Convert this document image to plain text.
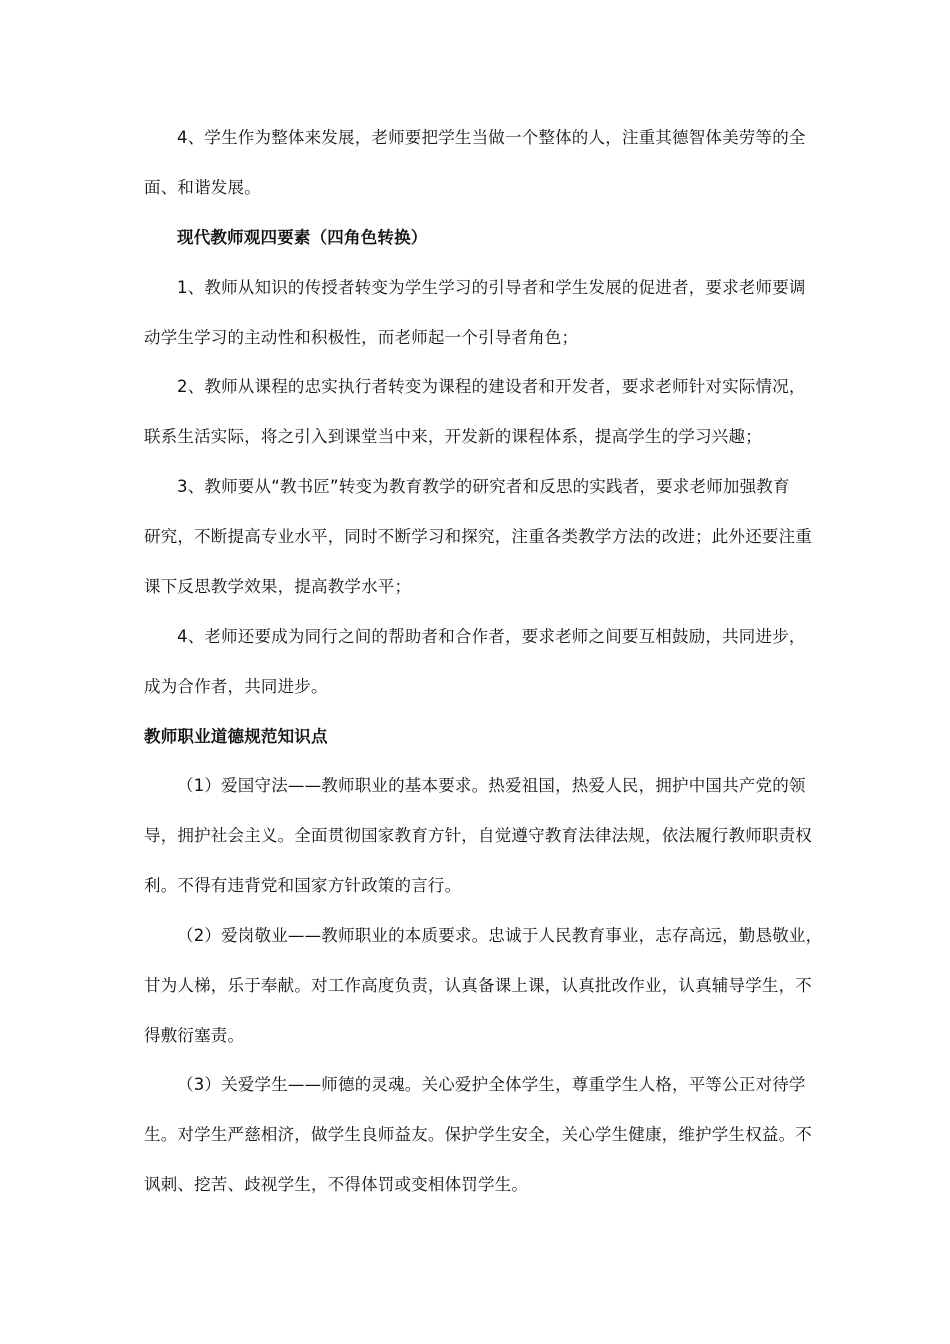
4、学生作为整体来发展，老师要把学生当做一个整体的人，注重其德智体美劳等的全
面、和谐发展。
现代教师观四要素（四角色转换）
1、教师从知识的传授者转变为学生学习的引导者和学生发展的促进者，要求老师要调
动学生学习的主动性和积极性，而老师起一个引导者角色；
2、教师从课程的忠实执行者转变为课程的建设者和开发者，要求老师针对实际情况，
联系生活实际，将之引入到课堂当中来，开发新的课程体系，提高学生的学习兴趣；
3、教师要从“教书匠”转变为教育教学的研究者和反思的实践者，要求老师加强教育
研究，不断提高专业水平，同时不断学习和探究，注重各类教学方法的改进；此外还要注重
课下反思教学效果，提高教学水平；
4、老师还要成为同行之间的帮助者和合作者，要求老师之间要互相鼓励，共同进步，
成为合作者，共同进步。
教师职业道德规范知识点
（1）爱国守法——教师职业的基本要求。热爱祖国，热爱人民，拥护中国共产党的领
导，拥护社会主义。全面贯彻国家教育方针，自觉遵守教育法律法规，依法履行教师职责权
利。不得有违背党和国家方针政策的言行。
（2）爱岗敬业——教师职业的本质要求。忠诚于人民教育事业，志存高远，勤恳敬业，
甘为人梯，乐于奉献。对工作高度负责，认真备课上课，认真批改作业，认真辅导学生，不
得敷衍塞责。
（3）关爱学生——师德的灵魂。关心爱护全体学生，尊重学生人格，平等公正对待学
生。对学生严慈相济，做学生良师益友。保护学生安全，关心学生健康，维护学生权益。不
讽刺、挖苦、歧视学生，不得体罚或变相体罚学生。
